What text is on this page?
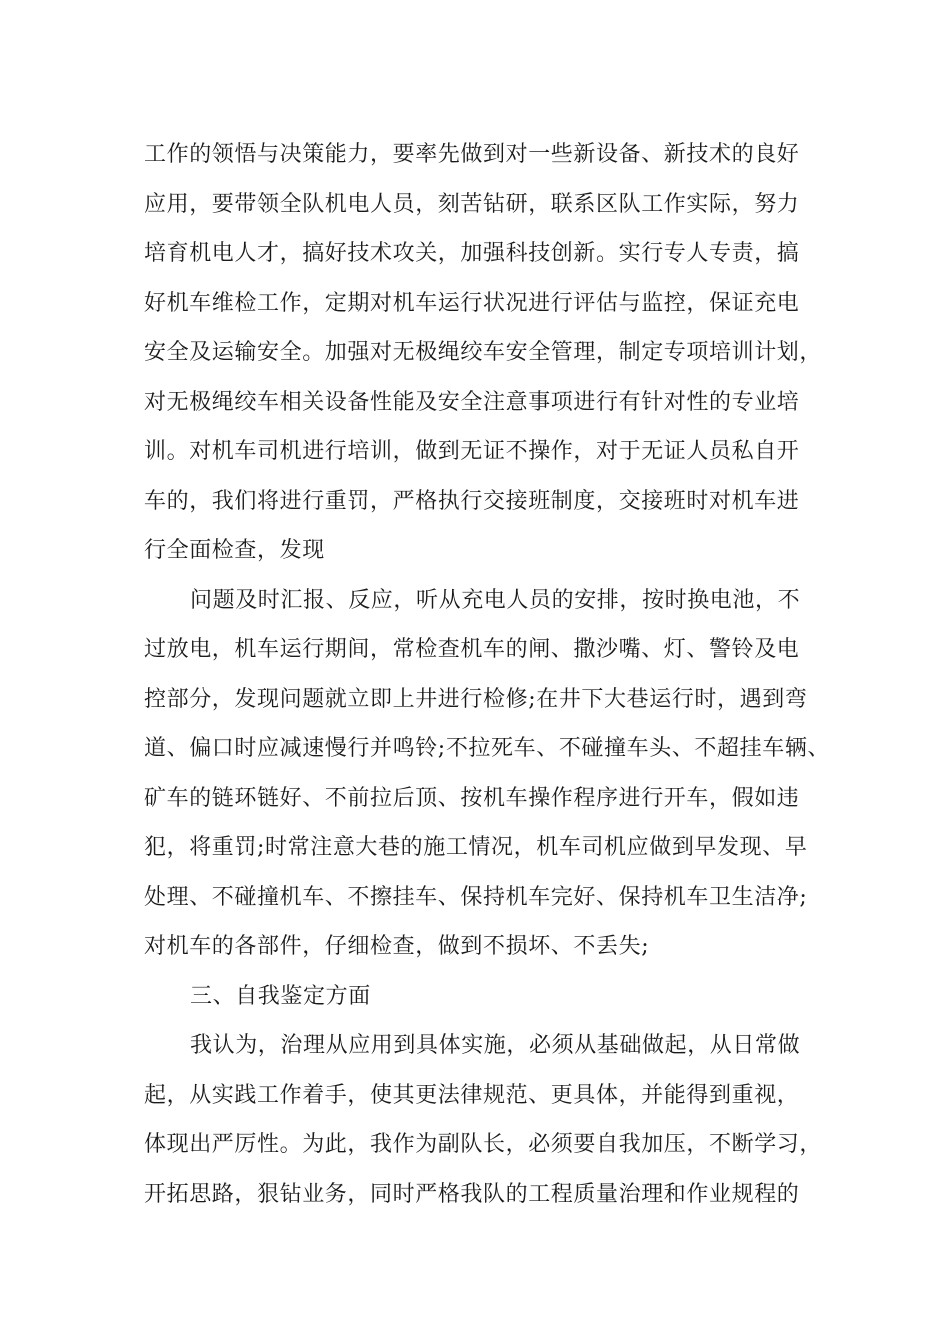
工作的领悟与决策能力，要率先做到对一些新设备、新技术的良好
应用，要带领全队机电人员，刻苦钻研，联系区队工作实际，努力
培育机电人才，搞好技术攻关，加强科技创新。实行专人专责，搞
好机车维检工作，定期对机车运行状况进行评估与监控，保证充电
安全及运输安全。加强对无极绳绞车安全管理，制定专项培训计划，
对无极绳绞车相关设备性能及安全注意事项进行有针对性的专业培
训。对机车司机进行培训，做到无证不操作，对于无证人员私自开
车的，我们将进行重罚，严格执行交接班制度，交接班时对机车进
行全面检查，发现
问题及时汇报、反应，听从充电人员的安排，按时换电池，不
过放电，机车运行期间，常检查机车的闸、撒沙嘴、灯、警铃及电
控部分，发现问题就立即上井进行检修;在井下大巷运行时，遇到弯
道、偏口时应减速慢行并鸣铃;不拉死车、不碰撞车头、不超挂车辆、
矿车的链环链好、不前拉后顶、按机车操作程序进行开车，假如违
犯，将重罚;时常注意大巷的施工情况，机车司机应做到早发现、早
处理、不碰撞机车、不擦挂车、保持机车完好、保持机车卫生洁净;
对机车的各部件，仔细检查，做到不损坏、不丢失;
三、自我鉴定方面
我认为，治理从应用到具体实施，必须从基础做起，从日常做
起，从实践工作着手，使其更法律规范、更具体，并能得到重视，
体现出严厉性。为此，我作为副队长，必须要自我加压，不断学习，
开拓思路，狠钻业务，同时严格我队的工程质量治理和作业规程的
